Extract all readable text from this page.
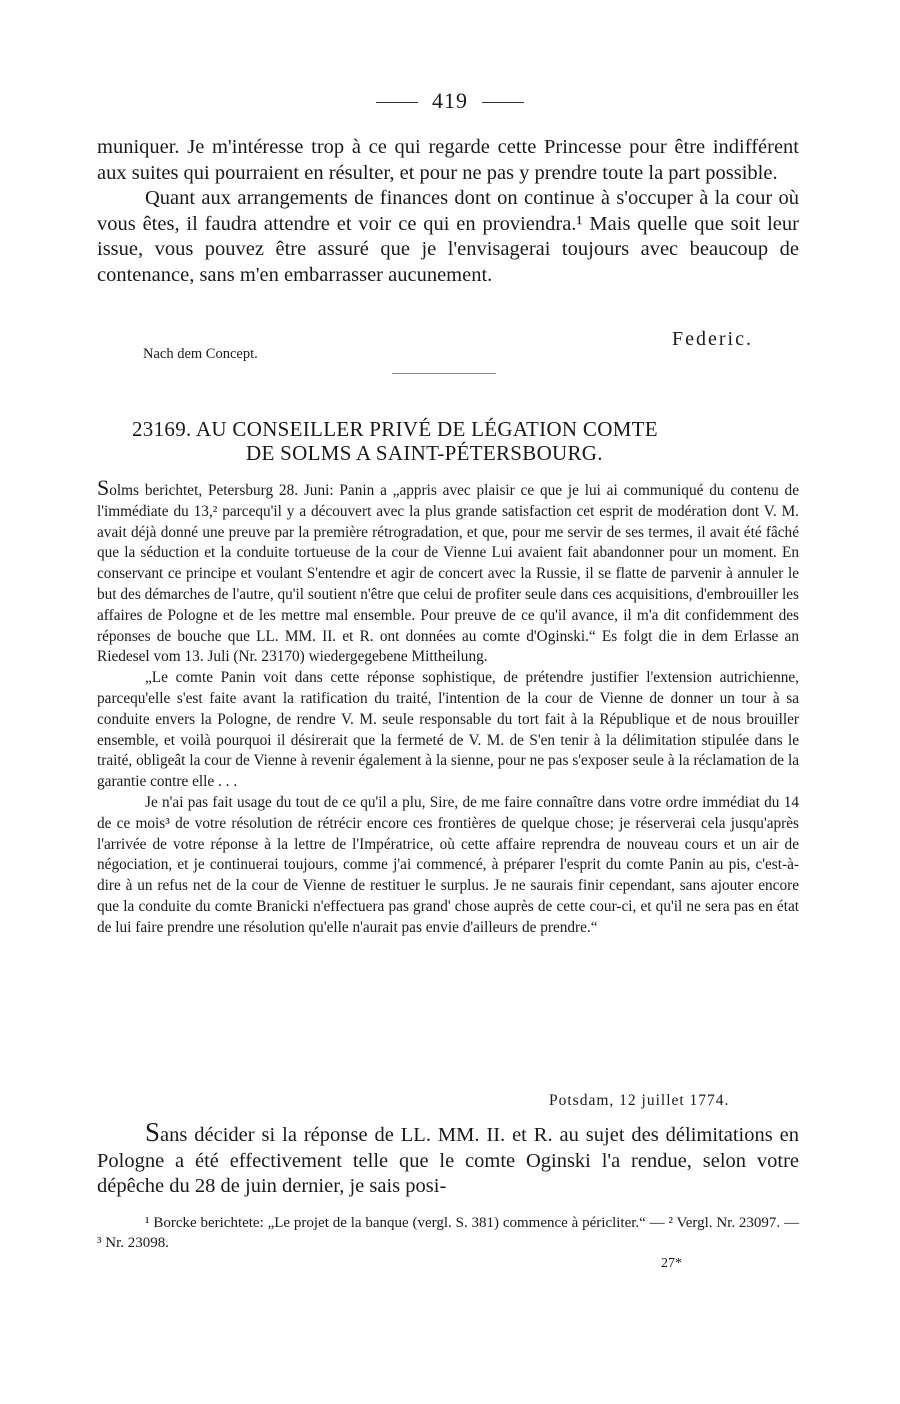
419

muniquer. Je m'intéresse trop à ce qui regarde cette Princesse pour être indifférent aux suites qui pourraient en résulter, et pour ne pas y prendre toute la part possible.

Quant aux arrangements de finances dont on continue à s'occuper à la cour où vous êtes, il faudra attendre et voir ce qui en proviendra.¹ Mais quelle que soit leur issue, vous pouvez être assuré que je l'envisagerai toujours avec beaucoup de contenance, sans m'en embarrasser aucunement.

Federic.
Nach dem Concept.
23169. AU CONSEILLER PRIVÉ DE LÉGATION COMTE
DE SOLMS A SAINT-PÉTERSBOURG.

Solms berichtet, Petersburg 28. Juni: Panin a „appris avec plaisir ce que je lui ai communiqué du contenu de l'immédiate du 13,² parcequ'il y a découvert avec la plus grande satisfaction cet esprit de modération dont V. M. avait déjà donné une preuve par la première rétrogradation, et que, pour me servir de ses termes, il avait été fâché que la séduction et la conduite tortueuse de la cour de Vienne Lui avaient fait abandonner pour un moment. En conservant ce principe et voulant S'entendre et agir de concert avec la Russie, il se flatte de parvenir à annuler le but des démarches de l'autre, qu'il soutient n'être que celui de profiter seule dans ces acquisitions, d'embrouiller les affaires de Pologne et de les mettre mal ensemble. Pour preuve de ce qu'il avance, il m'a dit confidemment des réponses de bouche que LL. MM. II. et R. ont données au comte d'Oginski.“ Es folgt die in dem Erlasse an Riedesel vom 13. Juli (Nr. 23170) wiedergegebene Mittheilung.

„Le comte Panin voit dans cette réponse sophistique, de prétendre justifier l'extension autrichienne, parcequ'elle s'est faite avant la ratification du traité, l'intention de la cour de Vienne de donner un tour à sa conduite envers la Pologne, de rendre V. M. seule responsable du tort fait à la République et de nous brouiller ensemble, et voilà pourquoi il désirerait que la fermeté de V. M. de S'en tenir à la délimitation stipulée dans le traité, obligeât la cour de Vienne à revenir également à la sienne, pour ne pas s'exposer seule à la réclamation de la garantie contre elle . . .

Je n'ai pas fait usage du tout de ce qu'il a plu, Sire, de me faire connaître dans votre ordre immédiat du 14 de ce mois³ de votre résolution de rétrécir encore ces frontières de quelque chose; je réserverai cela jusqu'après l'arrivée de votre réponse à la lettre de l'Impératrice, où cette affaire reprendra de nouveau cours et un air de négociation, et je continuerai toujours, comme j'ai commencé, à préparer l'esprit du comte Panin au pis, c'est-à-dire à un refus net de la cour de Vienne de restituer le surplus. Je ne saurais finir cependant, sans ajouter encore que la conduite du comte Branicki n'effectuera pas grand' chose auprès de cette cour-ci, et qu'il ne sera pas en état de lui faire prendre une résolution qu'elle n'aurait pas envie d'ailleurs de prendre.“

Potsdam, 12 juillet 1774.

Sans décider si la réponse de LL. MM. II. et R. au sujet des délimitations en Pologne a été effectivement telle que le comte Oginski l'a rendue, selon votre dépêche du 28 de juin dernier, je sais posi-

¹ Borcke berichtete: „Le projet de la banque (vergl. S. 381) commence à péricliter.“ — ² Vergl. Nr. 23097. — ³ Nr. 23098.

27*
